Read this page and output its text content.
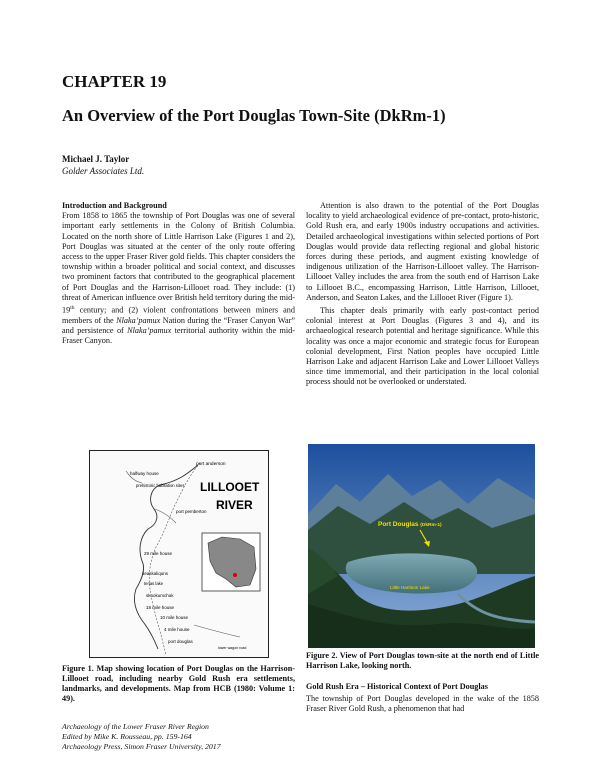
CHAPTER 19
An Overview of the Port Douglas Town-Site (DkRm-1)
Michael J. Taylor
Golder Associates Ltd.

Introduction and Background

From 1858 to 1865 the township of Port Douglas was one of several important early settlements in the Colony of British Columbia. Located on the north shore of Little Harrison Lake (Figures 1 and 2), Port Douglas was situated at the center of the only route offering access to the upper Fraser River gold fields. This chapter considers the township within a broader political and social context, and discusses two prominent factors that contributed to the geographical placement of Port Douglas and the Harrison-Lillooet road. They include: (1) threat of American influence over British held territory during the mid-19th century; and (2) violent confrontations between miners and members of the Nlaka’pamux Nation during the “Fraser Canyon War” and persistence of Nlaka’pamux territorial authority within the mid-Fraser Canyon.

Attention is also drawn to the potential of the Port Douglas locality to yield archaeological evidence of pre-contact, proto-historic, Gold Rush era, and early 1900s industry occupations and activities. Detailed archaeological investigations within selected portions of Port Douglas would provide data reflecting regional and global historic forces during these periods, and augment existing knowledge of indigenous utilization of the Harrison-Lillooet valley. The Harrison-Lillooet Valley includes the area from the south end of Harrison Lake to Lillooet B.C., encompassing Harrison, Little Harrison, Lillooet, Anderson, and Seaton Lakes, and the Lillooet River (Figure 1).

This chapter deals primarily with early post-contact period colonial interest at Port Douglas (Figures 3 and 4), and its archaeological research potential and heritage significance. While this locality was once a major economic and strategic focus for European colonial development, First Nation peoples have occupied Little Harrison Lake and adjacent Harrison Lake and Lower Lillooet Valleys since time immemorial, and their participation in the local colonial process should not be overlooked or understated.

port anderson
halfway house
prehistoric habitation sites
port pemberton
29 mile house
seaskaliquns
tenas lake
skookumchuk
18 mile house
10 mile house
4 mile house
port douglas
lower wagon road
LILLOOET
RIVER
Figure 1. Map showing location of Port Douglas on the Harrison-Lillooet road, including nearby Gold Rush era settlements, landmarks, and developments. Map from HCB (1980: Volume 1: 49).
Port Douglas (DkRm-1)
Little Harrison Lake
Figure 2. View of Port Douglas town-site at the north end of Little Harrison Lake, looking north.

Gold Rush Era – Historical Context of Port Douglas

The township of Port Douglas developed in the wake of the 1858 Fraser River Gold Rush, a phenomenon that had

Archaeology of the Lower Fraser River Region
Edited by Mike K. Rousseau, pp. 159-164
Archaeology Press, Simon Fraser University, 2017
